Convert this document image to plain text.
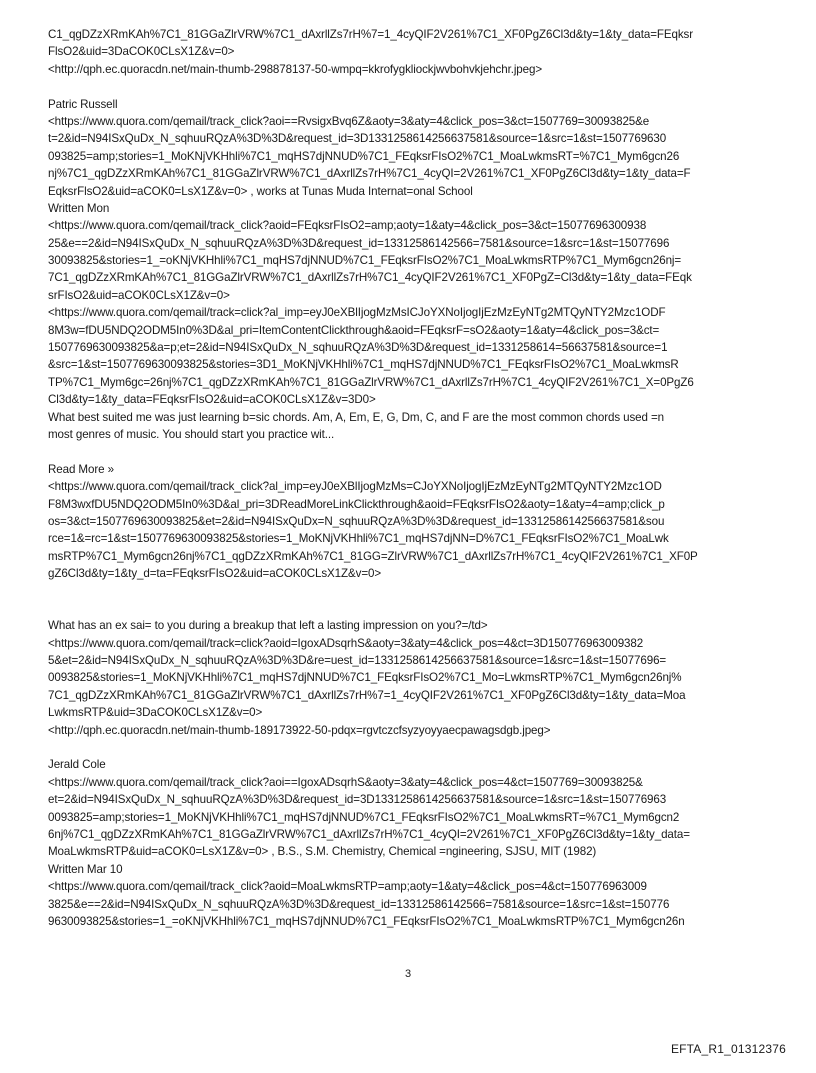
C1_qgDZzXRmKAh%7C1_81GGaZlrVRW%7C1_dAxrllZs7rH%7=1_4cyQIF2V261%7C1_XF0PgZ6Cl3d&ty=1&ty_data=FEqksr
FlsO2&uid=3DaCOK0CLsX1Z&v=0>
<http://qph.ec.quoracdn.net/main-thumb-298878137-50-wmpq=kkrofygkliockjwvbohvkjehchr.jpeg>
Patric Russell
<https://www.quora.com/qemail/track_click?aoi==RvsigxBvq6Z&aoty=3&aty=4&click_pos=3&ct=1507769=30093825&e
t=2&id=N94ISxQuDx_N_sqhuuRQzA%3D%3D&request_id=3D1331258614256637581&source=1&src=1&st=1507769630
093825=amp;stories=1_MoKNjVKHhli%7C1_mqHS7djNNUD%7C1_FEqksrFIsO2%7C1_MoaLwkmsRT=%7C1_Mym6gcn26
nj%7C1_qgDZzXRmKAh%7C1_81GGaZlrVRW%7C1_dAxrllZs7rH%7C1_4cyQI=2V261%7C1_XF0PgZ6Cl3d&ty=1&ty_data=F
EqksrFlsO2&uid=aCOK0=LsX1Z&v=0> , works at Tunas Muda Internat=onal School
Written Mon
<https://www.quora.com/qemail/track_click?aoid=FEqksrFIsO2=amp;aoty=1&aty=4&click_pos=3&ct=15077696300938
25&e==2&id=N94ISxQuDx_N_sqhuuRQzA%3D%3D&request_id=13312586142566=7581&source=1&src=1&st=15077696
30093825&stories=1_=oKNjVKHhli%7C1_mqHS7djNNUD%7C1_FEqksrFIsO2%7C1_MoaLwkmsRTP%7C1_Mym6gcn26nj=
7C1_qgDZzXRmKAh%7C1_81GGaZlrVRW%7C1_dAxrllZs7rH%7C1_4cyQIF2V261%7C1_XF0PgZ=Cl3d&ty=1&ty_data=FEqk
srFIsO2&uid=aCOK0CLsX1Z&v=0>
<https://www.quora.com/qemail/track=click?al_imp=eyJ0eXBlIjogMzMsICJoYXNoIjogIjEzMzEyNTg2MTQyNTY2Mzc1ODF
8M3w=fDU5NDQ2ODM5In0%3D&al_pri=ItemContentClickthrough&aoid=FEqksrF=sO2&aoty=1&aty=4&click_pos=3&ct=
1507769630093825&a=p;et=2&id=N94ISxQuDx_N_sqhuuRQzA%3D%3D&request_id=1331258614=56637581&source=1
&src=1&st=1507769630093825&stories=3D1_MoKNjVKHhli%7C1_mqHS7djNNUD%7C1_FEqksrFIsO2%7C1_MoaLwkmsR
TP%7C1_Mym6gc=26nj%7C1_qgDZzXRmKAh%7C1_81GGaZlrVRW%7C1_dAxrllZs7rH%7C1_4cyQIF2V261%7C1_X=0PgZ6
Cl3d&ty=1&ty_data=FEqksrFIsO2&uid=aCOK0CLsX1Z&v=3D0>
What best suited me was just learning b=sic chords. Am, A, Em, E, G, Dm, C, and F are the most common chords used =n
most genres of music. You should start you practice wit...
Read More »
<https://www.quora.com/qemail/track_click?al_imp=eyJ0eXBlIjogMzMs=CJoYXNoIjogIjEzMzEyNTg2MTQyNTY2Mzc1OD
F8M3wxfDU5NDQ2ODM5In0%3D&al_pri=3DReadMoreLinkClickthrough&aoid=FEqksrFIsO2&aoty=1&aty=4=amp;click_p
os=3&ct=1507769630093825&et=2&id=N94ISxQuDx=N_sqhuuRQzA%3D%3D&request_id=1331258614256637581&sou
rce=1&=rc=1&st=1507769630093825&stories=1_MoKNjVKHhli%7C1_mqHS7djNN=D%7C1_FEqksrFIsO2%7C1_MoaLwk
msRTP%7C1_Mym6gcn26nj%7C1_qgDZzXRmKAh%7C1_81GG=ZlrVRW%7C1_dAxrllZs7rH%7C1_4cyQIF2V261%7C1_XF0P
gZ6Cl3d&ty=1&ty_d=ta=FEqksrFIsO2&uid=aCOK0CLsX1Z&v=0>
What has an ex sai= to you during a breakup that left a lasting impression on you?=/td>
<https://www.quora.com/qemail/track=click?aoid=IgoxADsqrhS&aoty=3&aty=4&click_pos=4&ct=3D150776963009382
5&et=2&id=N94ISxQuDx_N_sqhuuRQzA%3D%3D&re=uest_id=1331258614256637581&source=1&src=1&st=15077696=
0093825&stories=1_MoKNjVKHhli%7C1_mqHS7djNNUD%7C1_FEqksrFIsO2%7C1_Mo=LwkmsRTP%7C1_Mym6gcn26nj%
7C1_qgDZzXRmKAh%7C1_81GGaZlrVRW%7C1_dAxrllZs7rH%7=1_4cyQIF2V261%7C1_XF0PgZ6Cl3d&ty=1&ty_data=Moa
LwkmsRTP&uid=3DaCOK0CLsX1Z&v=0>
<http://qph.ec.quoracdn.net/main-thumb-189173922-50-pdqx=rgvtczcfsyzyoyyaecpawagsdgb.jpeg>
Jerald Cole
<https://www.quora.com/qemail/track_click?aoi==IgoxADsqrhS&aoty=3&aty=4&click_pos=4&ct=1507769=30093825&
et=2&id=N94ISxQuDx_N_sqhuuRQzA%3D%3D&request_id=3D1331258614256637581&source=1&src=1&st=150776963
0093825=amp;stories=1_MoKNjVKHhli%7C1_mqHS7djNNUD%7C1_FEqksrFIsO2%7C1_MoaLwkmsRT=%7C1_Mym6gcn2
6nj%7C1_qgDZzXRmKAh%7C1_81GGaZlrVRW%7C1_dAxrllZs7rH%7C1_4cyQI=2V261%7C1_XF0PgZ6Cl3d&ty=1&ty_data=
MoaLwkmsRTP&uid=aCOK0=LsX1Z&v=0> , B.S., S.M. Chemistry, Chemical =ngineering, SJSU, MIT (1982)
Written Mar 10
<https://www.quora.com/qemail/track_click?aoid=MoaLwkmsRTP=amp;aoty=1&aty=4&click_pos=4&ct=150776963009
3825&e==2&id=N94ISxQuDx_N_sqhuuRQzA%3D%3D&request_id=13312586142566=7581&source=1&src=1&st=150776
9630093825&stories=1_=oKNjVKHhli%7C1_mqHS7djNNUD%7C1_FEqksrFIsO2%7C1_MoaLwkmsRTP%7C1_Mym6gcn26n
3
EFTA_R1_01312376
